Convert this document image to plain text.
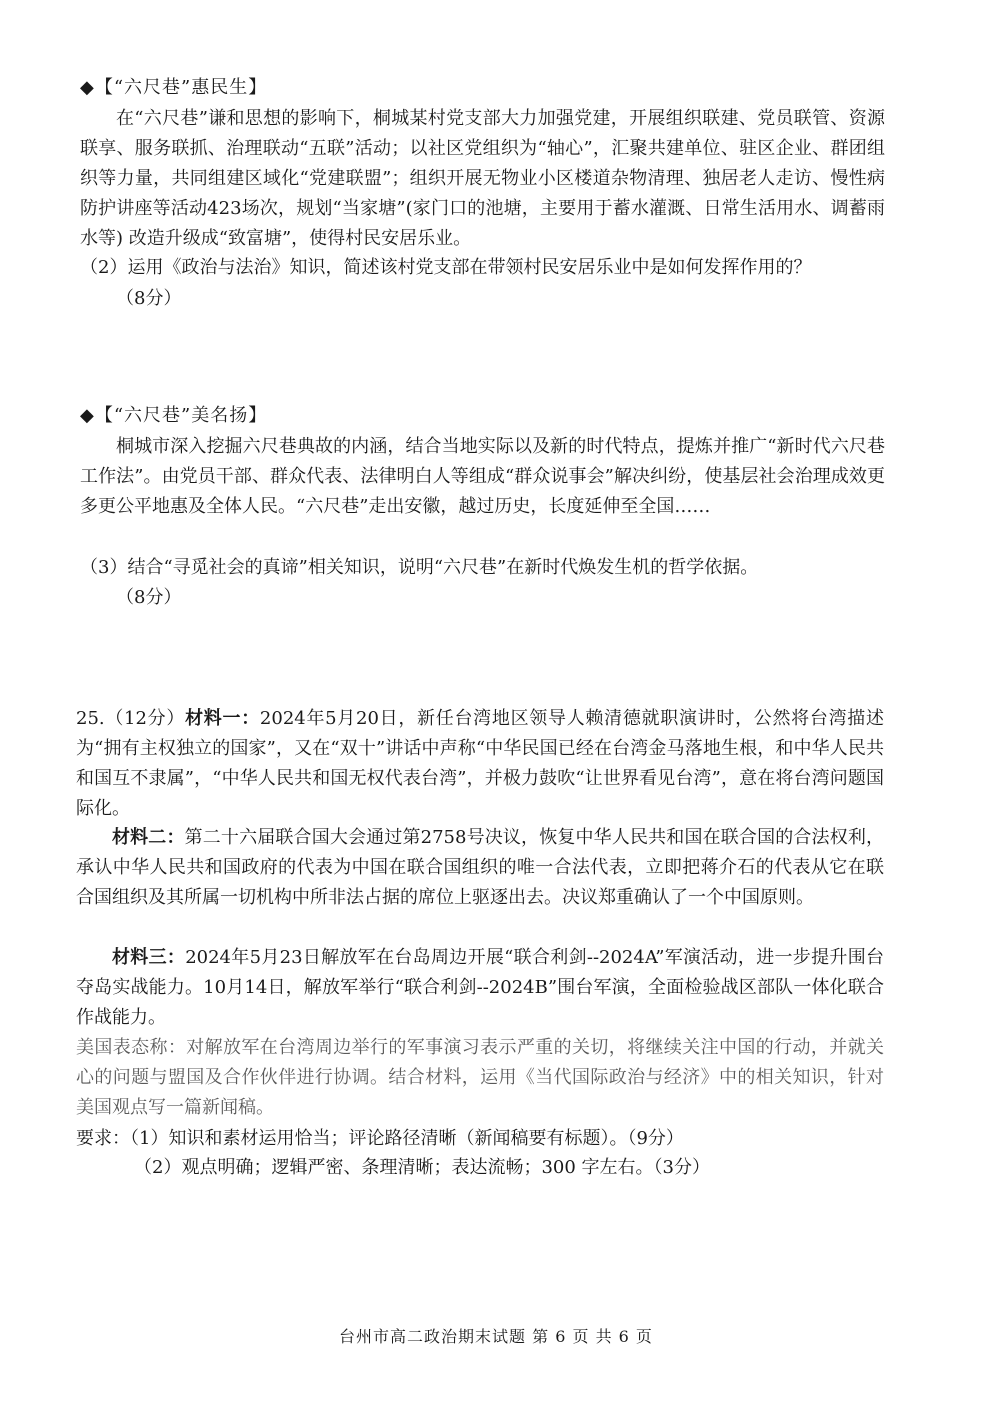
◆【“六尺巷”惠民生】
在“六尺巷”谦和思想的影响下，桐城某村党支部大力加强党建，开展组织联建、党员联管、资源联享、服务联抓、治理联动“五联”活动；以社区党组织为“轴心”，汇聚共建单位、驻区企业、群团组织等力量，共同组建区域化“党建联盟”；组织开展无物业小区楼道杂物清理、独居老人走访、慢性病防护讲座等活动423场次，规划“当家塘”(家门口的池塘，主要用于蓄水灌溉、日常生活用水、调蓄雨水等) 改造升级成“致富塘”，使得村民安居乐业。
（2）运用《政治与法治》知识，简述该村党支部在带领村民安居乐业中是如何发挥作用的？
（8分）
◆【“六尺巷”美名扬】
桐城市深入挖掘六尺巷典故的内涵，结合当地实际以及新的时代特点，提炼并推广“新时代六尺巷工作法”。由党员干部、群众代表、法律明白人等组成“群众说事会”解决纠纷，使基层社会治理成效更多更公平地惠及全体人民。“六尺巷”走出安徽，越过历史，长度延伸至全国……
（3）结合“寻觅社会的真谛”相关知识，说明“六尺巷”在新时代焕发生机的哲学依据。
（8分）
25.（12分）材料一：2024年5月20日，新任台湾地区领导人赖清德就职演讲时，公然将台湾描述为“拥有主权独立的国家”，又在“双十”讲话中声称“中华民国已经在台湾金马落地生根，和中华人民共和国互不隶属”，“中华人民共和国无权代表台湾”，并极力鼓吹“让世界看见台湾”，意在将台湾问题国际化。
材料二：第二十六届联合国大会通过第2758号决议，恢复中华人民共和国在联合国的合法权利，承认中华人民共和国政府的代表为中国在联合国组织的唯一合法代表，立即把蒋介石的代表从它在联合国组织及其所属一切机构中所非法占据的席位上驱逐出去。决议郑重确认了一个中国原则。
材料三：2024年5月23日解放军在台岛周边开展“联合利剑--2024A”军演活动，进一步提升围台夺岛实战能力。10月14日，解放军举行“联合利剑--2024B”围台军演，全面检验战区部队一体化联合作战能力。
美国表态称：对解放军在台湾周边举行的军事演习表示严重的关切，将继续关注中国的行动，并就关心的问题与盟国及合作伙伴进行协调。结合材料，运用《当代国际政治与经济》中的相关知识，针对美国观点写一篇新闻稿。
要求：（1）知识和素材运用恰当；评论路径清晰（新闻稿要有标题）。（9分）
（2）观点明确；逻辑严密、条理清晰；表达流畅；300 字左右。（3分）
台州市高二政治期末试题 第 6 页 共 6 页
